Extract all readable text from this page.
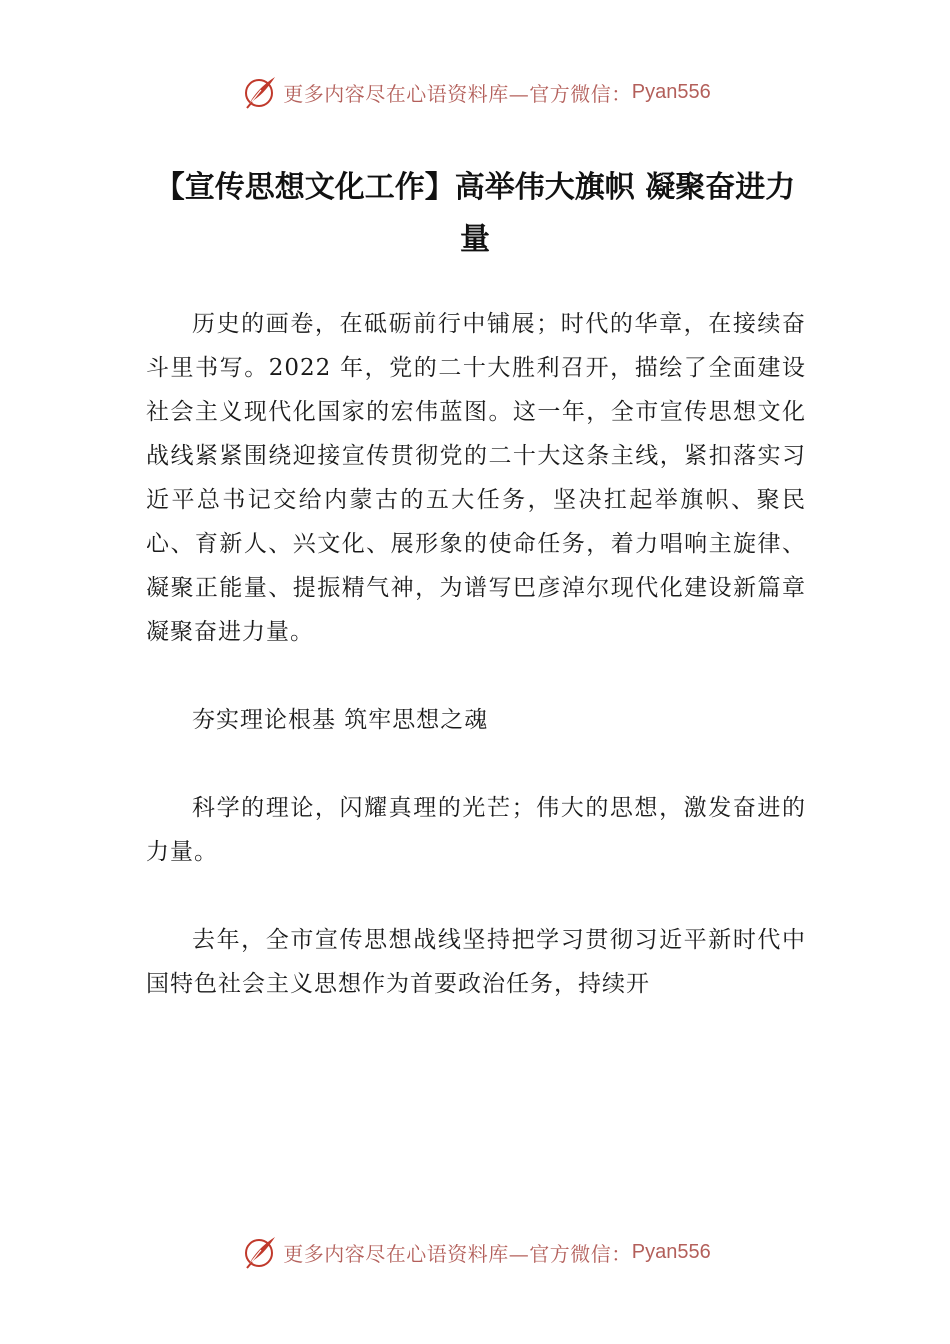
更多内容尽在心语资料库—官方微信： Pyan556
【宣传思想文化工作】高举伟大旗帜 凝聚奋进力量

历史的画卷，在砥砺前行中铺展；时代的华章，在接续奋斗里书写。2022 年，党的二十大胜利召开，描绘了全面建设社会主义现代化国家的宏伟蓝图。这一年，全市宣传思想文化战线紧紧围绕迎接宣传贯彻党的二十大这条主线，紧扣落实习近平总书记交给内蒙古的五大任务，坚决扛起举旗帜、聚民心、育新人、兴文化、展形象的使命任务，着力唱响主旋律、凝聚正能量、提振精气神，为谱写巴彦淖尔现代化建设新篇章凝聚奋进力量。

夯实理论根基 筑牢思想之魂

科学的理论，闪耀真理的光芒；伟大的思想，激发奋进的力量。

去年，全市宣传思想战线坚持把学习贯彻习近平新时代中国特色社会主义思想作为首要政治任务，持续开

更多内容尽在心语资料库—官方微信： Pyan556
